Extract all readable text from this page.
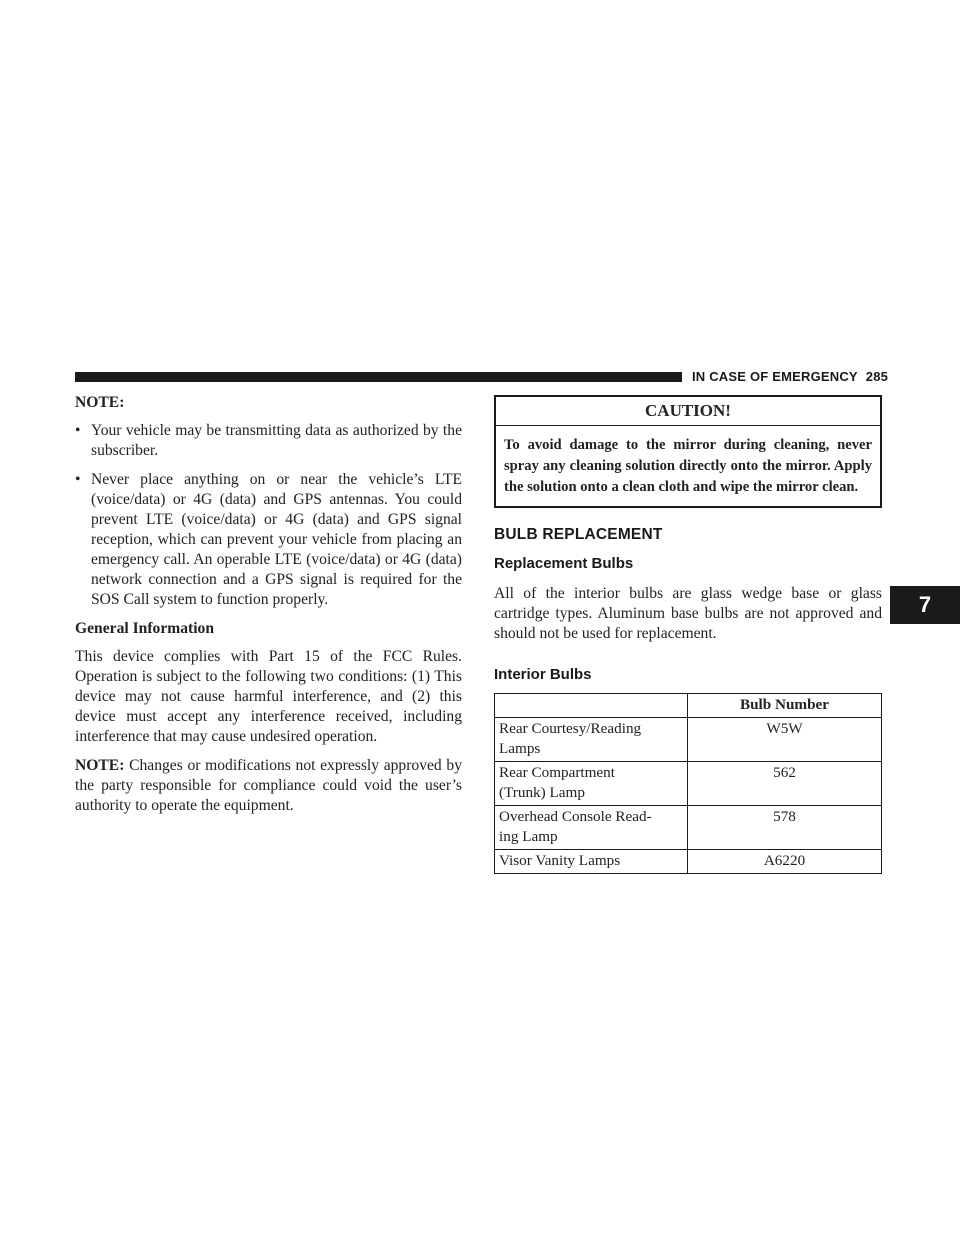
IN CASE OF EMERGENCY 285
7
NOTE:
• Your vehicle may be transmitting data as authorized by the subscriber.
• Never place anything on or near the vehicle’s LTE (voice/data) or 4G (data) and GPS antennas. You could prevent LTE (voice/data) or 4G (data) and GPS signal reception, which can prevent your vehicle from placing an emergency call. An operable LTE (voice/data) or 4G (data) network connection and a GPS signal is required for the SOS Call system to function properly.
General Information

This device complies with Part 15 of the FCC Rules. Operation is subject to the following two conditions: (1) This device may not cause harmful interference, and (2) this device must accept any interference received, including interference that may cause undesired operation.

NOTE: Changes or modifications not expressly approved by the party responsible for compliance could void the user’s authority to operate the equipment.

CAUTION!
To avoid damage to the mirror during cleaning, never spray any cleaning solution directly onto the mirror. Apply the solution onto a clean cloth and wipe the mirror clean.
BULB REPLACEMENT
Replacement Bulbs

All of the interior bulbs are glass wedge base or glass cartridge types. Aluminum base bulbs are not approved and should not be used for replacement.

Interior Bulbs
	Bulb Number
Rear Courtesy/Reading
Lamps	W5W
Rear Compartment
(Trunk) Lamp	562
Overhead Console Read-
ing Lamp	578
Visor Vanity Lamps	A6220
